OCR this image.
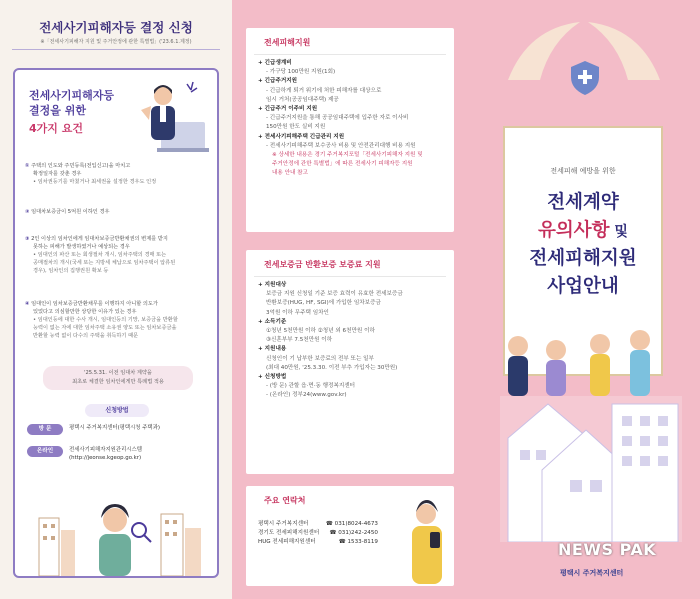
전세사기피해자등 결정 신청
※「전세사기피해자 지원 및 주거안정에 관한 특별법」('23.6.1.제정)
전세사기피해자등
결정을 위한
4가지 요건
① 주택의 인도와 주민등록(전입신고)을 마치고
확정일자를 갖춘 경우
• 임차권등기를 마쳤거나 최세권을 설정한 경우도 인정
② 임대차보증금이 5억원 이하인 경우
③ 2인 이상의 임차인에게 임대차보증금반환채권의 변제를 받지
못하는 피해가 발생하였거나 예상되는 경우
• 임대인의 파산 또는 회생절차 개시, 임차주택의 경매 또는
공매절차의 개시(국세 또는 지방세 체납으로 임차주택이 압류된
경우), 임차인의 집행권원 확보 등
④ 임대인이 임차보증금반환채무를 이행하지 아니할 의도가
있었다고 의심할만한 상당한 이유가 있는 경우
• 임대인등에 대한 수사 개시, 임대인등의 기망, 보증금을 반환할
능력이 없는 자에 대한 임차주택 소유권 양도 또는 임차보증금을
반환할 능력 없이 다수의 주택을 취득하기 때문
'25.5.31. 이전 임대차 계약을
최초로 체결한 임차인에게만 특례법 적용
신청방법
방 문	평택시 주거복지센터(평택시청 주택과)
온라인	전세사기피해자지원관리시스템
(http://jeonse.kgeop.go.kr)
전세피해지원
+ 긴급생계비
- 가구당 100만원 지원(1회)
+ 긴급주거지원
- 긴급하게 퇴거 위기에 처한 피해자를 대상으로
임시 거처(공공임대주택) 제공
+ 긴급주거 이주비 지원
- 긴급주거지원을 통해 공공임대주택에 입주한 자로 이사비
150만원 한도 실비 지원
+ 전세사기피해주택 긴급관리 지원
- 전세사기피해주택 보수공사 비용 및 안전관리대행 비용 지원
※ 상세한 내용은 경기 주거복지포털「전세사기피해자 지원 및
주거안정에 관한 특별법」에 따른 전세사기 피해자등 지원
내용 안내 참고
전세보증금 반환보증 보증료 지원
+ 지원대상
보증금 지원 신청일 기준 보증 효력이 유효한 전세보증금
반환보증(HUG, HF, SGI)에 가입한 임차보증금
3억원 이하 무주택 임차인
+ 소득기준
①청년 5천만원 이하 ②청년 외 6천만원 이하
③신혼부부 7.5천만원 이하
+ 지원내용
신청인이 기 납부한 보증료의 전부 또는 일부
(최대 40만원, '25.3.30. 이전 부추 가입자는 30만원)
+ 신청방법
- (방 문) 관할 읍·면·동 행정복지센터
- (온라인) 정부24(www.gov.kr)
주요 연락처
평택시 주거복지센터	☎ 031)8024-4673
경기도 전세피해지원센터 ☎ 031)242-2450
HUG 전세피해지원센터	☎ 1533-8119
전세피해 예방을 위한
전세계약
유의사항 및
전세피해지원
사업안내
NEWS PAK
평택시 주거복지센터
